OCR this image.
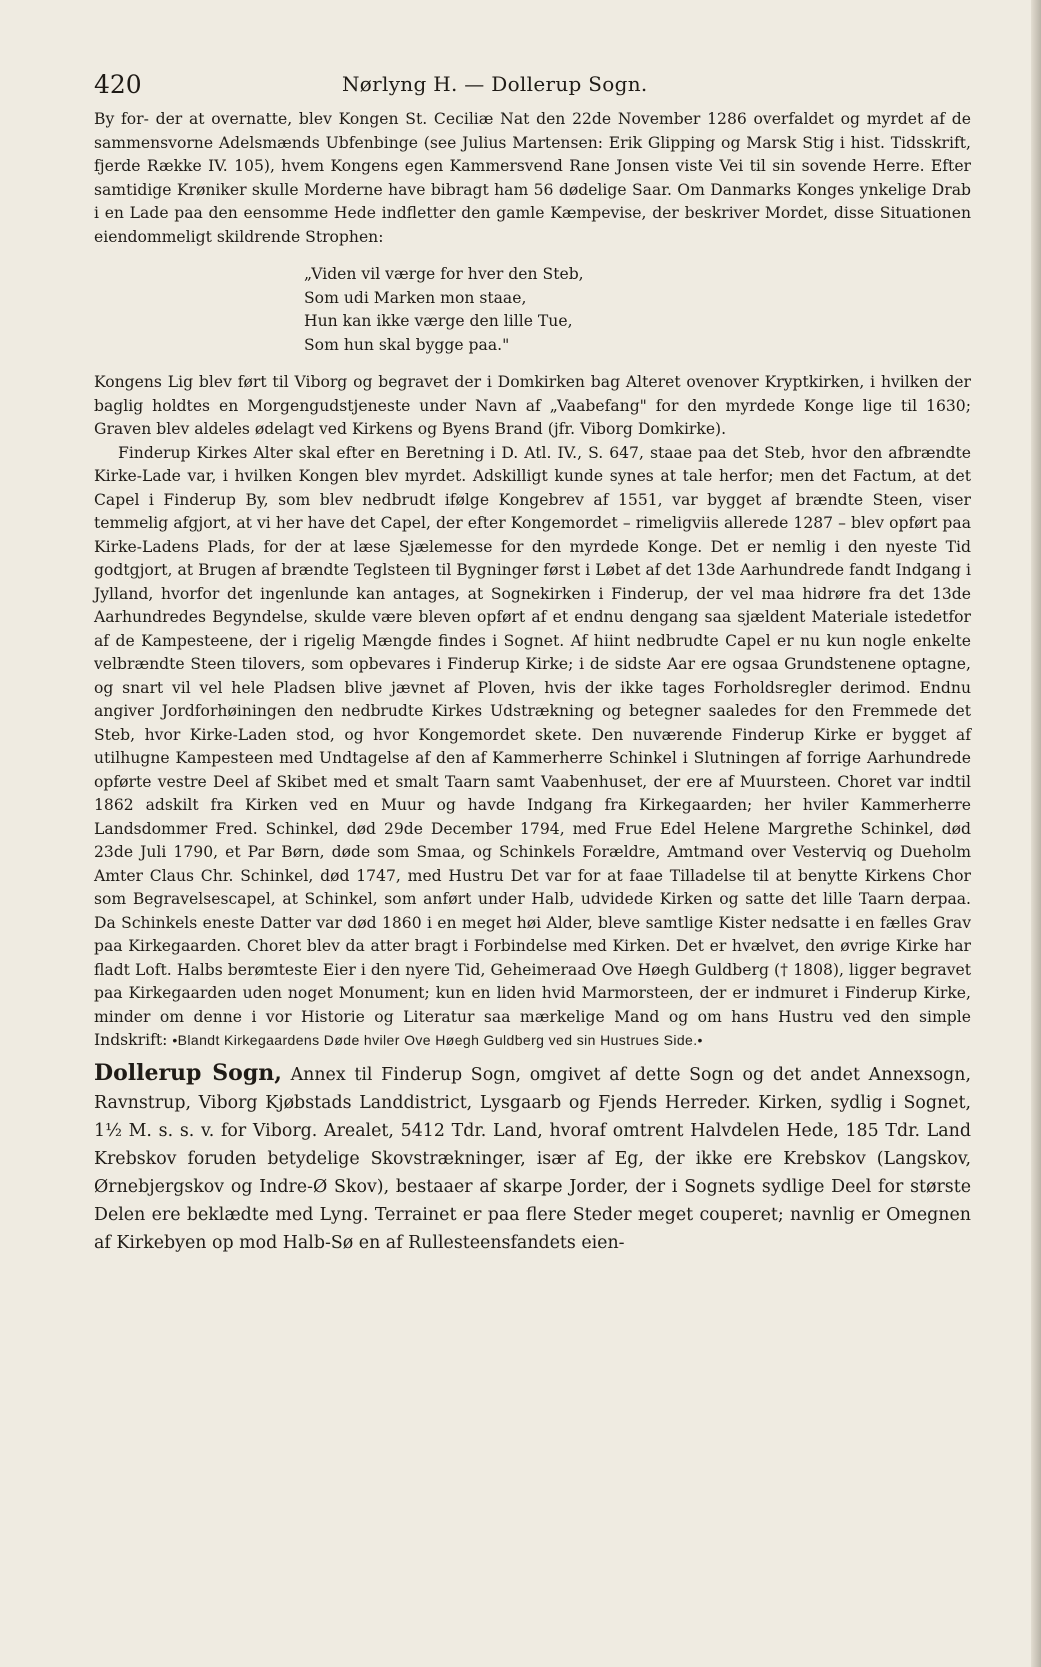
420	Nørlyng H. — Dollerup Sogn.

By for- der at overnatte, blev Kongen St. Ceciliæ Nat den 22de November 1286 overfaldet og myrdet af de sammensvorne Adelsmænds Ubfenbinge (see Julius Martensen: Erik Glipping og Marsk Stig i hist. Tidsskrift, fjerde Række IV. 105), hvem Kongens egen Kammersvend Rane Jonsen viste Vei til sin sovende Herre. Efter samtidige Krøniker skulle Morderne have bibragt ham 56 dødelige Saar. Om Danmarks Konges ynkelige Drab i en Lade paa den eensomme Hede indfletter den gamle Kæmpevise, der beskriver Mordet, disse Situationen eiendommeligt skildrende Strophen:

„Viden vil værge for hver den Steb,
Som udi Marken mon staae,
Hun kan ikke værge den lille Tue,
Som hun skal bygge paa."

Kongens Lig blev ført til Viborg og begravet der i Domkirken bag Alteret ovenover Kryptkirken, i hvilken der baglig holdtes en Morgengudstjeneste under Navn af „Vaabefang" for den myrdede Konge lige til 1630; Graven blev aldeles ødelagt ved Kirkens og Byens Brand (jfr. Viborg Domkirke).

Finderup Kirkes Alter skal efter en Beretning i D. Atl. IV., S. 647, staae paa det Steb, hvor den afbrændte Kirke-Lade var, i hvilken Kongen blev myrdet. Adskilligt kunde synes at tale herfor; men det Factum, at det Capel i Finderup By, som blev nedbrudt ifølge Kongebrev af 1551, var bygget af brændte Steen, viser temmelig afgjort, at vi her have det Capel, der efter Kongemordet – rimeligviis allerede 1287 – blev opført paa Kirke-Ladens Plads, for der at læse Sjælemesse for den myrdede Konge. Det er nemlig i den nyeste Tid godtgjort, at Brugen af brændte Teglsteen til Bygninger først i Løbet af det 13de Aarhundrede fandt Indgang i Jylland, hvorfor det ingenlunde kan antages, at Sognekirken i Finderup, der vel maa hidrøre fra det 13de Aarhundredes Begyndelse, skulde være bleven opført af et endnu dengang saa sjældent Materiale istedetfor af de Kampesteene, der i rigelig Mængde findes i Sognet. Af hiint nedbrudte Capel er nu kun nogle enkelte velbrændte Steen tilovers, som opbevares i Finderup Kirke; i de sidste Aar ere ogsaa Grundstenene optagne, og snart vil vel hele Pladsen blive jævnet af Ploven, hvis der ikke tages Forholdsregler derimod. Endnu angiver Jordforhøiningen den nedbrudte Kirkes Udstrækning og betegner saaledes for den Fremmede det Steb, hvor Kirke-Laden stod, og hvor Kongemordet skete. Den nuværende Finderup Kirke er bygget af utilhugne Kampesteen med Undtagelse af den af Kammerherre Schinkel i Slutningen af forrige Aarhundrede opførte vestre Deel af Skibet med et smalt Taarn samt Vaabenhuset, der ere af Muursteen. Choret var indtil 1862 adskilt fra Kirken ved en Muur og havde Indgang fra Kirkegaarden; her hviler Kammerherre Landsdommer Fred. Schinkel, død 29de December 1794, med Frue Edel Helene Margrethe Schinkel, død 23de Juli 1790, et Par Børn, døde som Smaa, og Schinkels Forældre, Amtmand over Vesterviq og Dueholm Amter Claus Chr. Schinkel, død 1747, med Hustru Det var for at faae Tilladelse til at benytte Kirkens Chor som Begravelsescapel, at Schinkel, som anført under Halb, udvidede Kirken og satte det lille Taarn derpaa. Da Schinkels eneste Datter var død 1860 i en meget høi Alder, bleve samtlige Kister nedsatte i en fælles Grav paa Kirkegaarden. Choret blev da atter bragt i Forbindelse med Kirken. Det er hvælvet, den øvrige Kirke har fladt Loft. Halbs berømteste Eier i den nyere Tid, Geheimeraad Ove Høegh Guldberg († 1808), ligger begravet paa Kirkegaarden uden noget Monument; kun en liden hvid Marmorsteen, der er indmuret i Finderup Kirke, minder om denne i vor Historie og Literatur saa mærkelige Mand og om hans Hustru ved den simple Indskrift: •Blandt Kirkegaardens Døde hviler Ove Høegh Guldberg ved sin Hustrues Side.•

Dollerup Sogn, Annex til Finderup Sogn, omgivet af dette Sogn og det andet Annexsogn, Ravnstrup, Viborg Kjøbstads Landdistrict, Lysgaarb og Fjends Herreder. Kirken, sydlig i Sognet, 1½ M. s. s. v. for Viborg. Arealet, 5412 Tdr. Land, hvoraf omtrent Halvdelen Hede, 185 Tdr. Land Krebskov foruden betydelige Skovstrækninger, især af Eg, der ikke ere Krebskov (Langskov, Ørnebjergskov og Indre-Ø Skov), bestaaer af skarpe Jorder, der i Sognets sydlige Deel for største Delen ere beklædte med Lyng. Terrainet er paa flere Steder meget couperet; navnlig er Omegnen af Kirkebyen op mod Halb-Sø en af Rullesteensfandets eien-
